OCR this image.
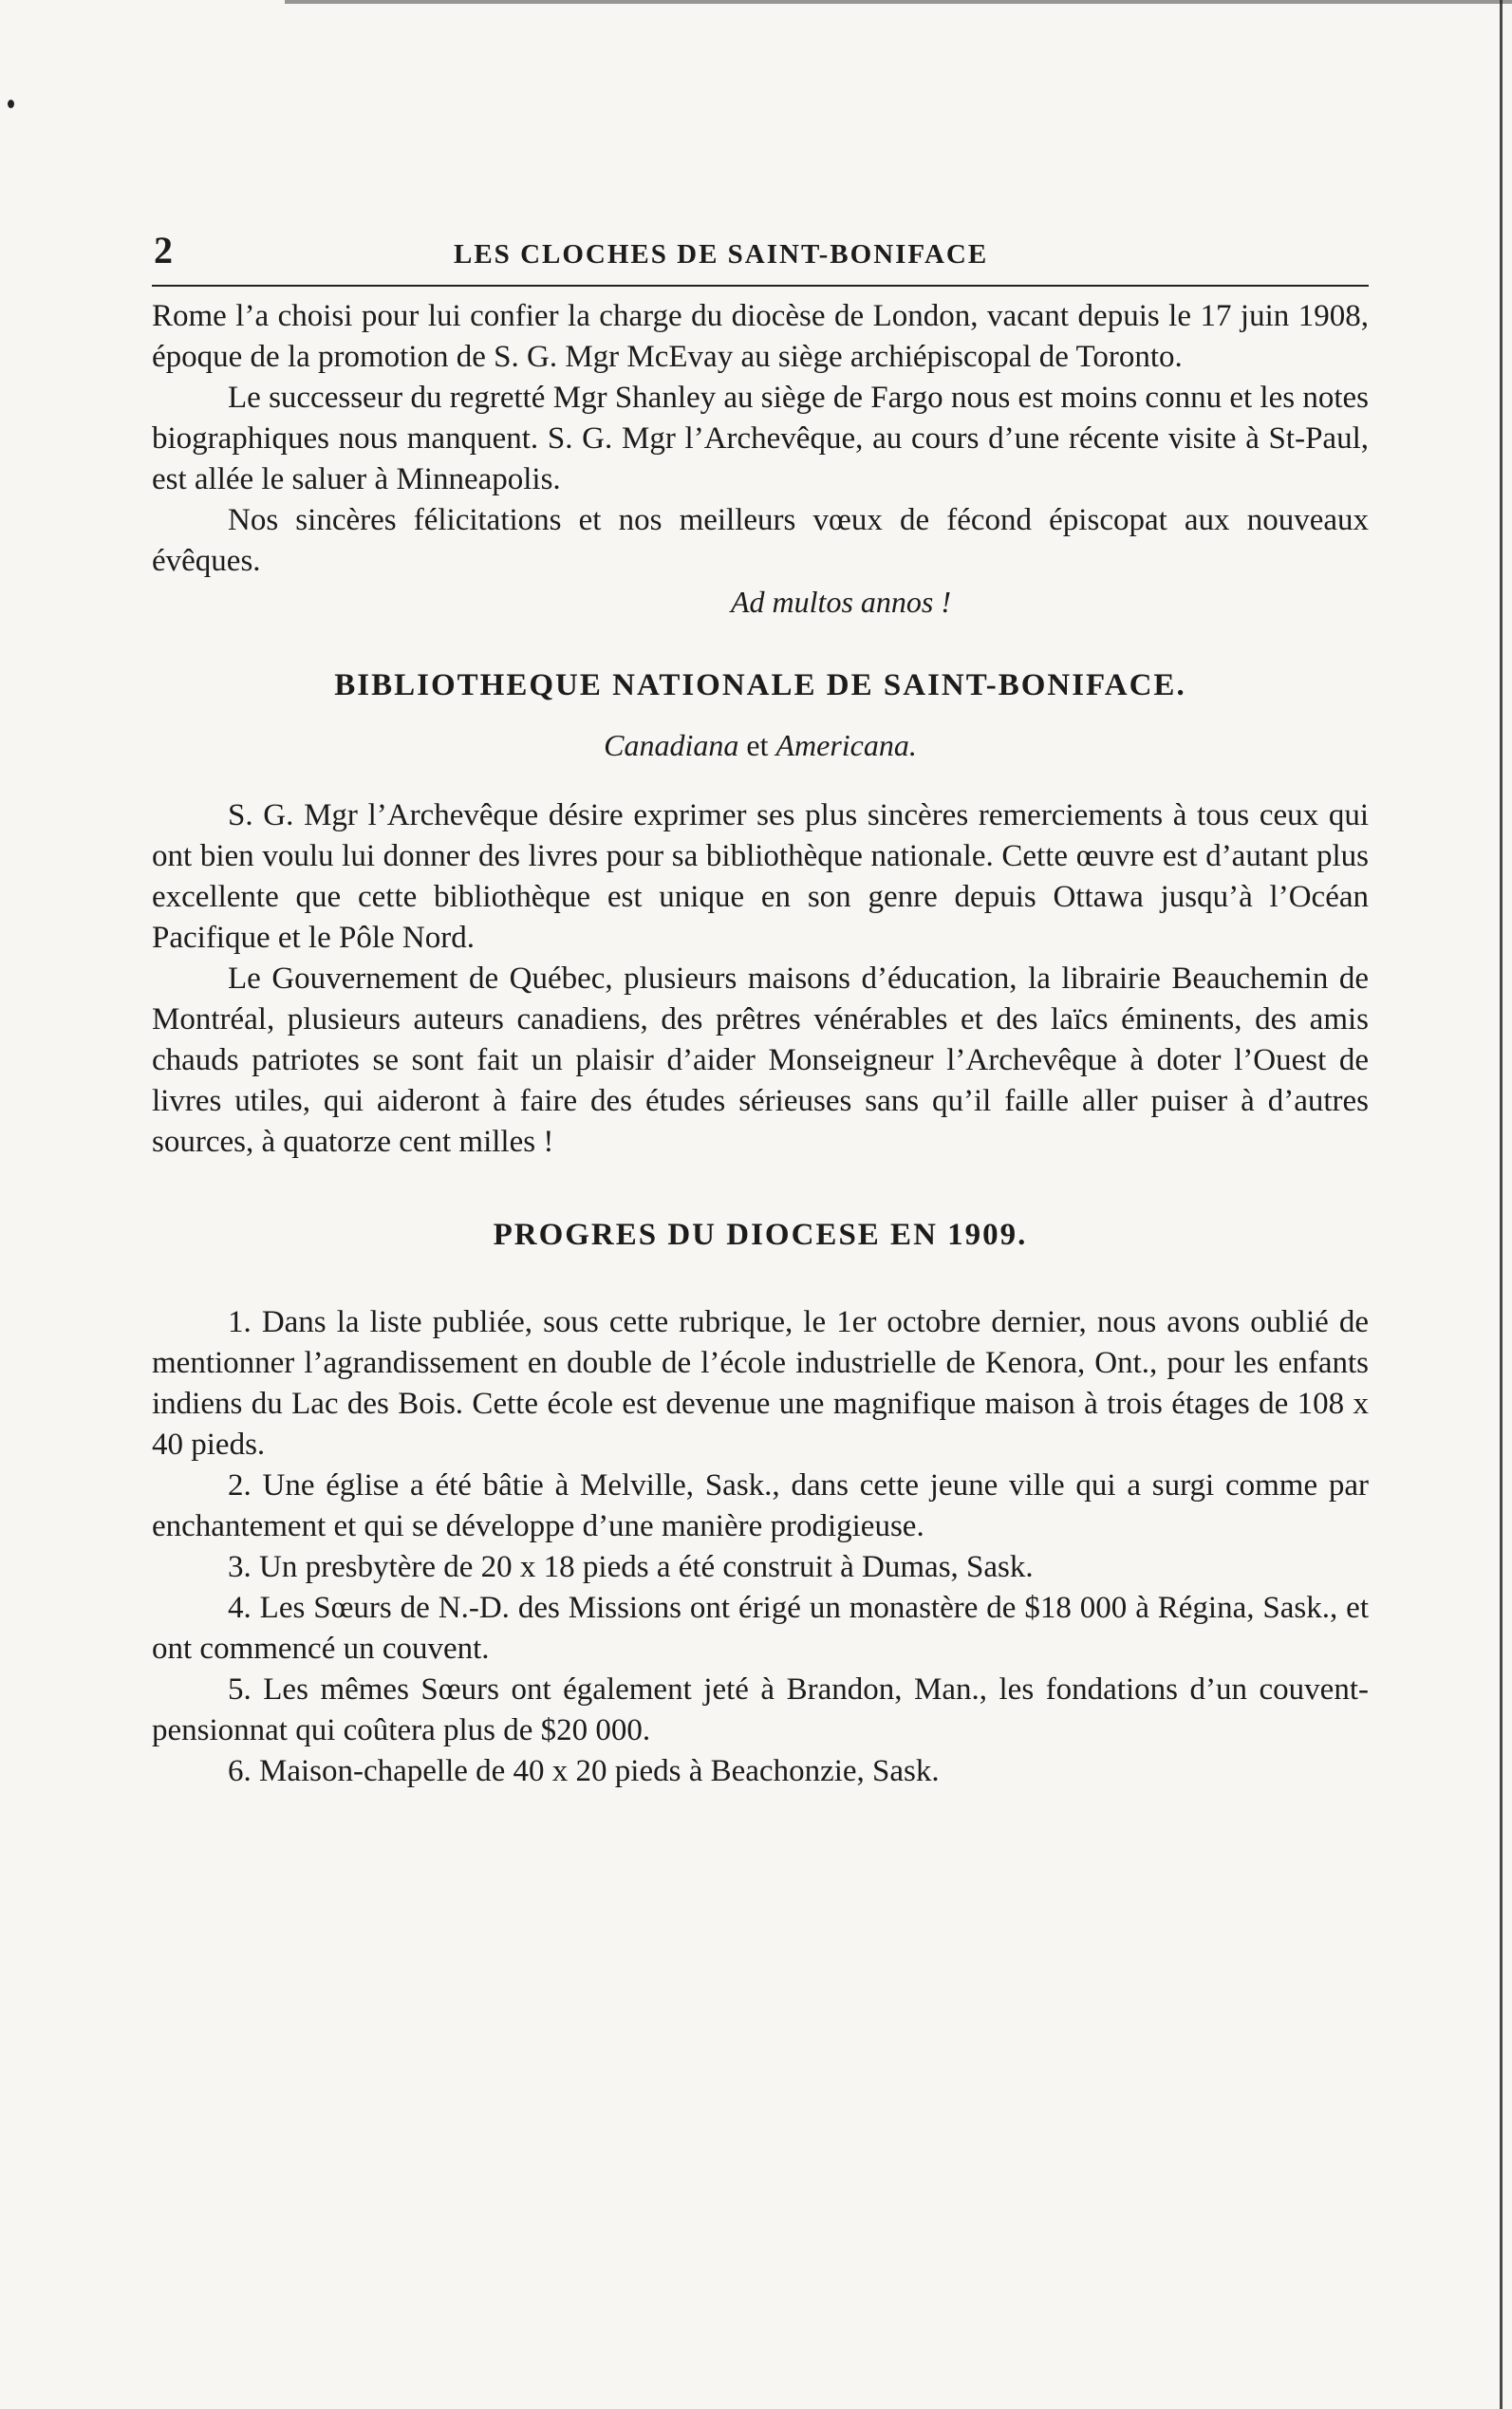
2	LES CLOCHES DE SAINT-BONIFACE

Rome l’a choisi pour lui confier la charge du diocèse de London, vacant depuis le 17 juin 1908, époque de la promotion de S. G. Mgr McEvay au siège archiépiscopal de Toronto.

Le successeur du regretté Mgr Shanley au siège de Fargo nous est moins connu et les notes biographiques nous manquent. S. G. Mgr l’Archevêque, au cours d’une récente visite à St-Paul, est allée le saluer à Minneapolis.

Nos sincères félicitations et nos meilleurs vœux de fécond épiscopat aux nouveaux évêques.

Ad multos annos !

BIBLIOTHEQUE NATIONALE DE SAINT-BONIFACE.
Canadiana et Americana.

S. G. Mgr l’Archevêque désire exprimer ses plus sincères remerciements à tous ceux qui ont bien voulu lui donner des livres pour sa bibliothèque nationale. Cette œuvre est d’autant plus excellente que cette bibliothèque est unique en son genre depuis Ottawa jusqu’à l’Océan Pacifique et le Pôle Nord.

Le Gouvernement de Québec, plusieurs maisons d’éducation, la librairie Beauchemin de Montréal, plusieurs auteurs canadiens, des prêtres vénérables et des laïcs éminents, des amis chauds patriotes se sont fait un plaisir d’aider Monseigneur l’Archevêque à doter l’Ouest de livres utiles, qui aideront à faire des études sérieuses sans qu’il faille aller puiser à d’autres sources, à quatorze cent milles !

PROGRES DU DIOCESE EN 1909.

1. Dans la liste publiée, sous cette rubrique, le 1er octobre dernier, nous avons oublié de mentionner l’agrandissement en double de l’école industrielle de Kenora, Ont., pour les enfants indiens du Lac des Bois. Cette école est devenue une magnifique maison à trois étages de 108 x 40 pieds.

2. Une église a été bâtie à Melville, Sask., dans cette jeune ville qui a surgi comme par enchantement et qui se développe d’une manière prodigieuse.

3. Un presbytère de 20 x 18 pieds a été construit à Dumas, Sask.

4. Les Sœurs de N.-D. des Missions ont érigé un monastère de $18 000 à Régina, Sask., et ont commencé un couvent.

5. Les mêmes Sœurs ont également jeté à Brandon, Man., les fondations d’un couvent-pensionnat qui coûtera plus de $20 000.

6. Maison-chapelle de 40 x 20 pieds à Beachonzie, Sask.
